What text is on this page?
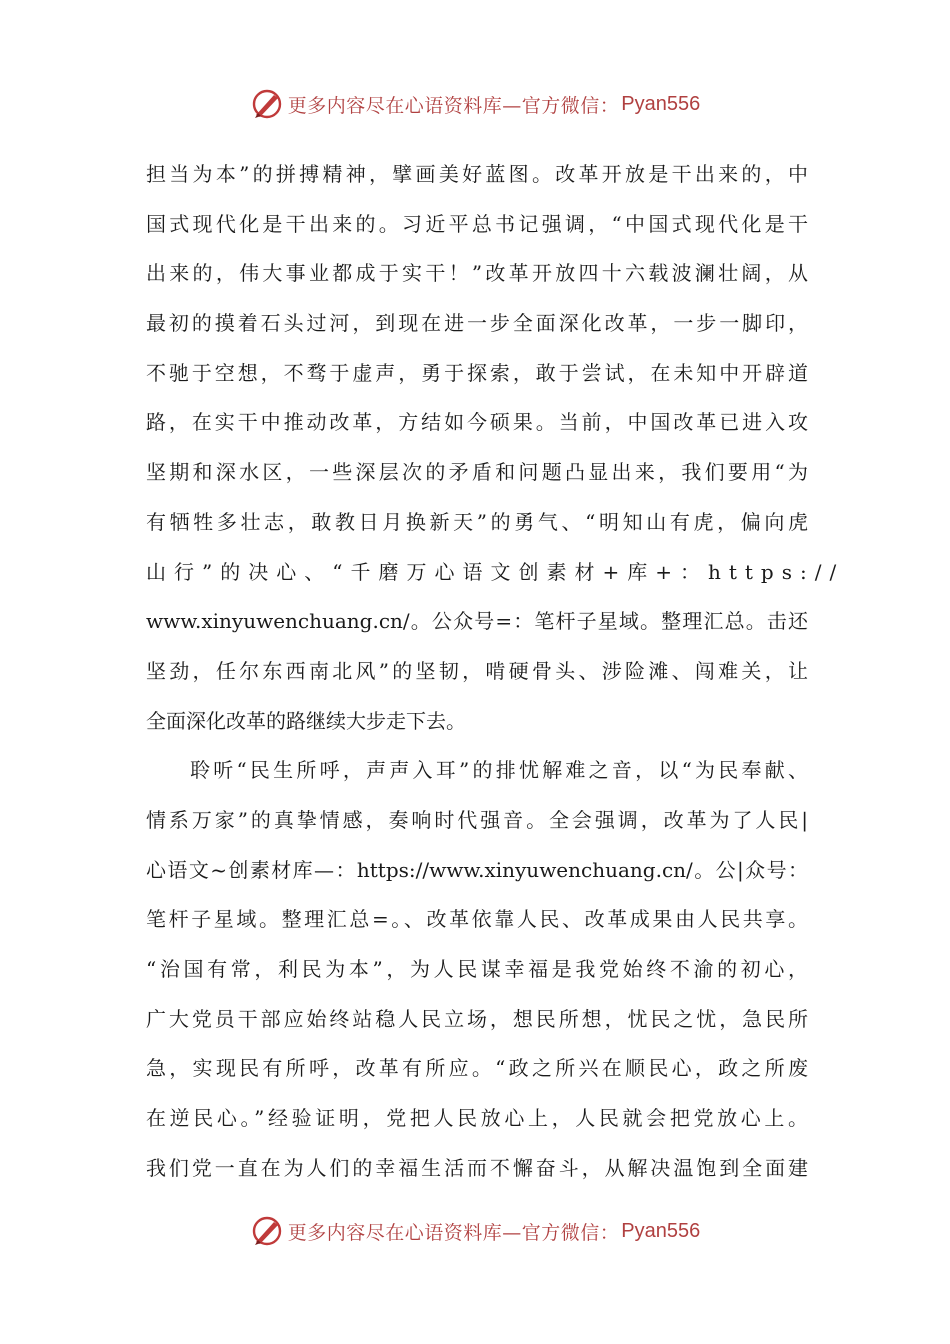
更多内容尽在心语资料库—官方微信： Pyan556
担当为本”的拼搏精神，擘画美好蓝图。改革开放是干出来的，中
国式现代化是干出来的。习近平总书记强调，“中国式现代化是干
出来的，伟大事业都成于实干！”改革开放四十六载波澜壮阔，从
最初的摸着石头过河，到现在进一步全面深化改革，一步一脚印，
不驰于空想，不骛于虚声，勇于探索，敢于尝试，在未知中开辟道
路，在实干中推动改革，方结如今硕果。当前，中国改革已进入攻
坚期和深水区，一些深层次的矛盾和问题凸显出来，我们要用“为
有牺牲多壮志，敢教日月换新天”的勇气、“明知山有虎，偏向虎
山行”的决心、“千磨万心语文创素材+库+：https://
www.xinyuwenchuang.cn/。公众号=：笔杆子星域。整理汇总。击还
坚劲，任尔东西南北风”的坚韧，啃硬骨头、涉险滩、闯难关，让
全面深化改革的路继续大步走下去。
聆听“民生所呼，声声入耳”的排忧解难之音，以“为民奉献、
情系万家”的真挚情感，奏响时代强音。全会强调，改革为了人民|
心语文~创素材库—：https://www.xinyuwenchuang.cn/。公|众号：
笔杆子星域。整理汇总=。、改革依靠人民、改革成果由人民共享。
“治国有常，利民为本”，为人民谋幸福是我党始终不渝的初心，
广大党员干部应始终站稳人民立场，想民所想，忧民之忧，急民所
急，实现民有所呼，改革有所应。“政之所兴在顺民心，政之所废
在逆民心。”经验证明，党把人民放心上，人民就会把党放心上。
我们党一直在为人们的幸福生活而不懈奋斗，从解决温饱到全面建
更多内容尽在心语资料库—官方微信： Pyan556
